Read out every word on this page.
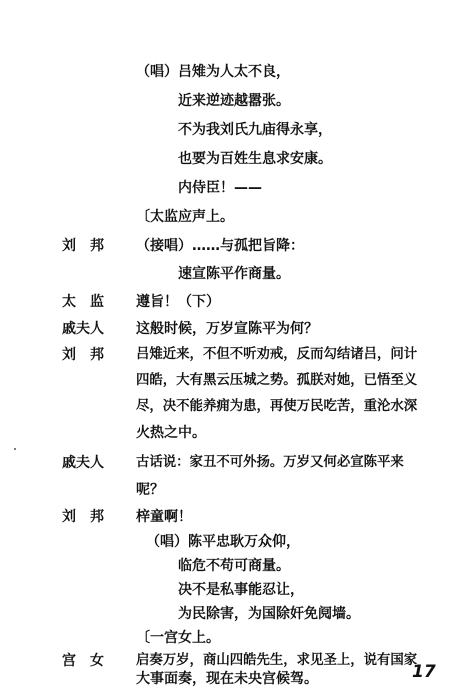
（唱）吕雉为人太不良，
近来逆迹越嚣张。
不为我刘氏九庙得永享，
也要为百姓生息求安康。
内侍臣！——
〔太监应声上。
刘　邦 （接唱）……与孤把旨降：
速宣陈平作商量。
太　监 遵旨！（下）
戚夫人 这般时候，万岁宣陈平为何？
刘　邦 吕雉近来，不但不听劝戒，反而勾结诸吕，问计
四皓，大有黑云压城之势。孤朕对她，已悟至义
尽，决不能养痈为患，再使万民吃苦，重沦水深
火热之中。
戚夫人 古话说：家丑不可外扬。万岁又何必宣陈平来
呢？
刘　邦 梓童啊！
（唱）陈平忠耿万众仰，
临危不苟可商量。
决不是私事能忍让，
为民除害，为国除奸免阋墙。
〔一宫女上。
宫　女 启奏万岁，商山四皓先生，求见圣上，说有国家
大事面奏，现在未央宫候驾。	17
